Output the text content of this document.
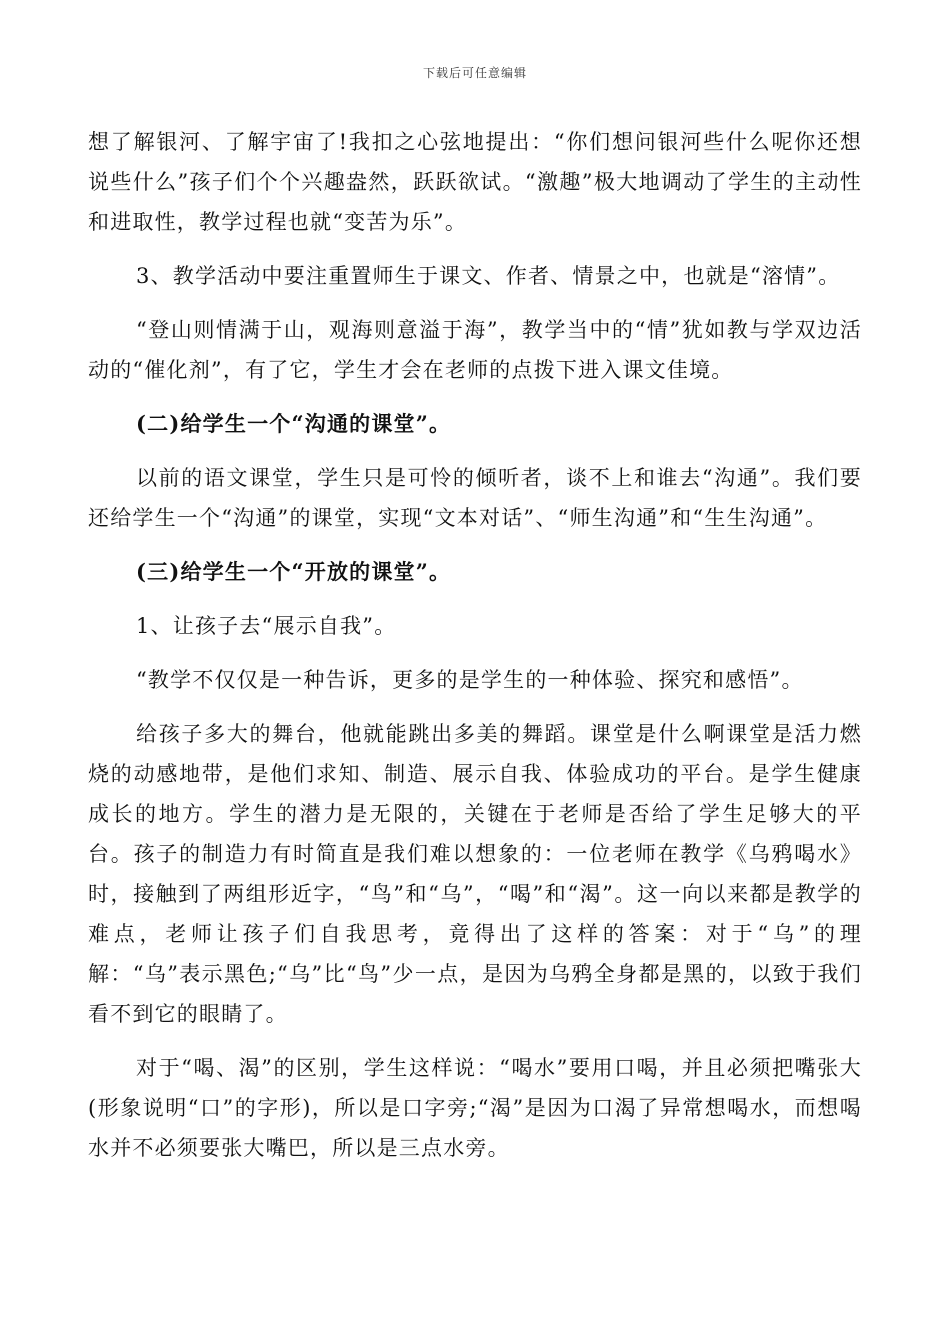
下载后可任意编辑

想了解银河、了解宇宙了!我扣之心弦地提出：“你们想问银河些什么呢你还想说些什么”孩子们个个兴趣盎然，跃跃欲试。“激趣”极大地调动了学生的主动性和进取性，教学过程也就“变苦为乐”。

3、教学活动中要注重置师生于课文、作者、情景之中，也就是“溶情”。

“登山则情满于山，观海则意溢于海”，教学当中的“情”犹如教与学双边活动的“催化剂”，有了它，学生才会在老师的点拨下进入课文佳境。

(二)给学生一个“沟通的课堂”。

以前的语文课堂，学生只是可怜的倾听者，谈不上和谁去“沟通”。我们要还给学生一个“沟通”的课堂，实现“文本对话”、“师生沟通”和“生生沟通”。

(三)给学生一个“开放的课堂”。

1、让孩子去“展示自我”。

“教学不仅仅是一种告诉，更多的是学生的一种体验、探究和感悟”。

给孩子多大的舞台，他就能跳出多美的舞蹈。课堂是什么啊课堂是活力燃烧的动感地带，是他们求知、制造、展示自我、体验成功的平台。是学生健康成长的地方。学生的潜力是无限的，关键在于老师是否给了学生足够大的平台。孩子的制造力有时简直是我们难以想象的：一位老师在教学《乌鸦喝水》时，接触到了两组形近字，“鸟”和“乌”，“喝”和“渴”。这一向以来都是教学的难点，老师让孩子们自我思考，竟得出了这样的答案：对于“乌”的理解：“乌”表示黑色;“乌”比“鸟”少一点，是因为乌鸦全身都是黑的，以致于我们看不到它的眼睛了。

对于“喝、渴”的区别，学生这样说：“喝水”要用口喝，并且必须把嘴张大(形象说明“口”的字形)，所以是口字旁;“渴”是因为口渴了异常想喝水，而想喝水并不必须要张大嘴巴，所以是三点水旁。
